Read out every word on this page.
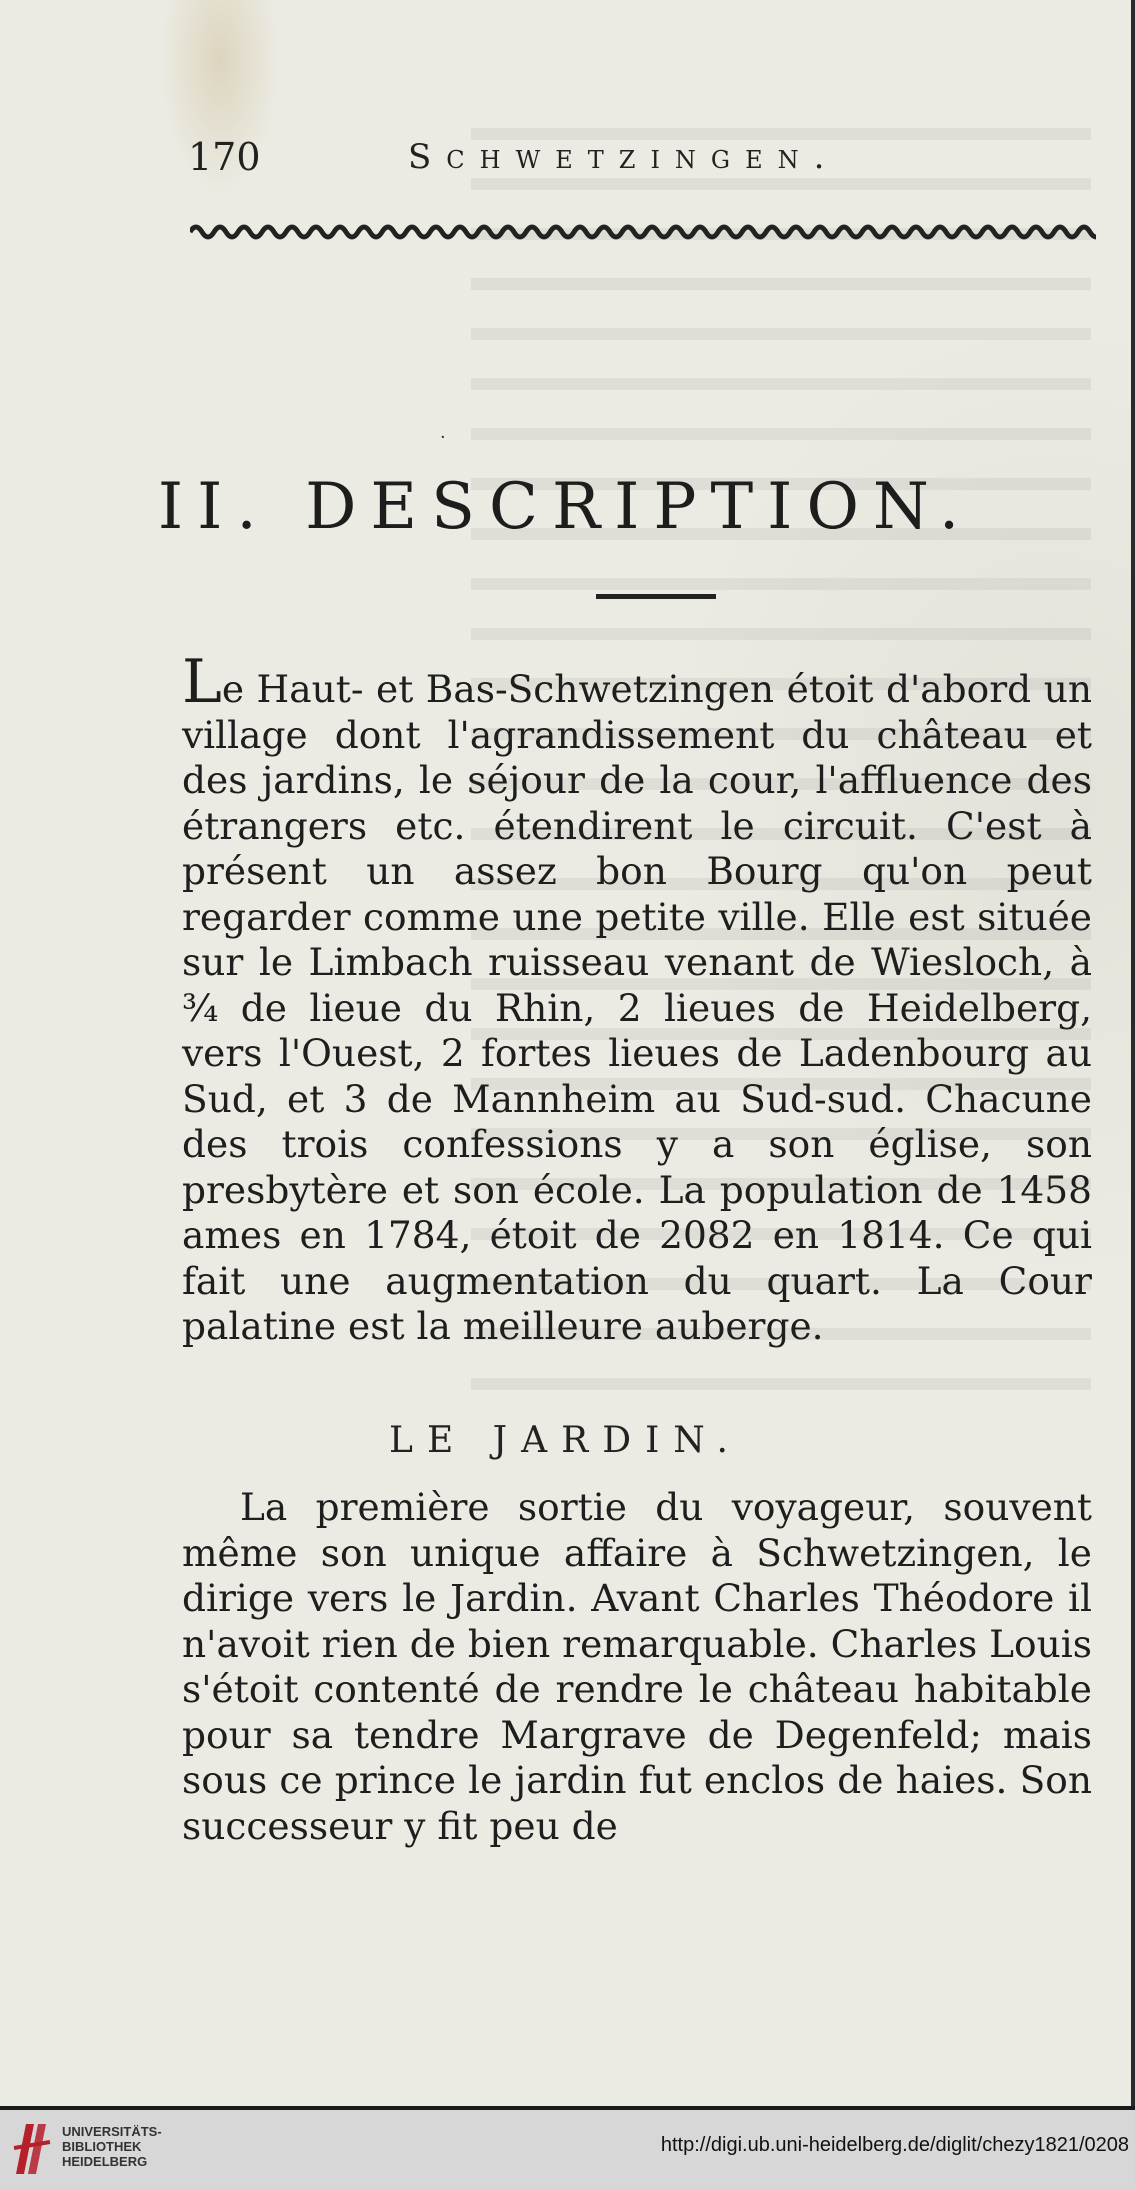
170	Schwetzingen.
·
II. DESCRIPTION.

Le Haut- et Bas-Schwetzingen étoit d'abord un village dont l'agrandissement du château et des jardins, le séjour de la cour, l'affluence des étrangers etc. étendirent le circuit. C'est à présent un assez bon Bourg qu'on peut regarder comme une petite ville. Elle est située sur le Limbach ruisseau venant de Wiesloch, à ¾ de lieue du Rhin, 2 lieues de Heidelberg, vers l'Ouest, 2 fortes lieues de Ladenbourg au Sud, et 3 de Mannheim au Sud-sud. Chacune des trois confessions y a son église, son presbytère et son école. La population de 1458 ames en 1784, étoit de 2082 en 1814. Ce qui fait une augmentation du quart. La Cour palatine est la meilleure auberge.

LE JARDIN.

La première sortie du voyageur, souvent même son unique affaire à Schwetzingen, le dirige vers le Jardin. Avant Charles Théodore il n'avoit rien de bien remarquable. Charles Louis s'étoit contenté de rendre le château habitable pour sa tendre Margrave de Degenfeld; mais sous ce prince le jardin fut enclos de haies. Son successeur y fit peu de

UNIVERSITÄTS-
BIBLIOTHEK
HEIDELBERG
http://digi.ub.uni-heidelberg.de/diglit/chezy1821/0208
